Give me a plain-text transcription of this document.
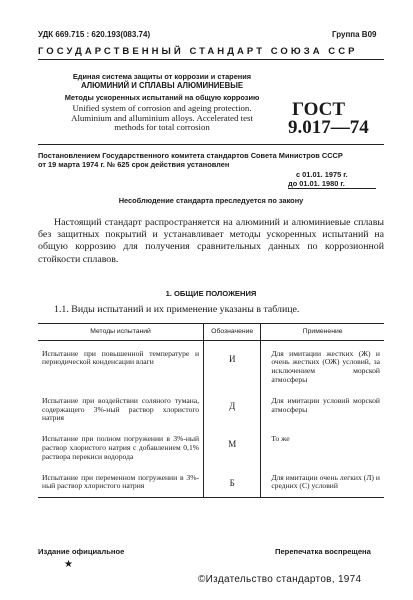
УДК 669.715 : 620.193(083.74)	Группа В09
ГОСУДАРСТВЕННЫЙ СТАНДАРТ СОЮЗА ССР
Единая система защиты от коррозии и старения
АЛЮМИНИЙ И СПЛАВЫ АЛЮМИНИЕВЫЕ
Методы ускоренных испытаний на общую коррозию
Unified system of corrosion and ageing protection.
Aluminium and alluminium alloys. Accelerated test
methods for total corrosion
ГОСТ
9.017—74
Постановлением Государственного комитета стандартов Совета Министров СССР
от 19 марта 1974 г. № 625 срок действия установлен
с 01.01. 1975 г.
до 01.01. 1980 г.
Несоблюдение стандарта преследуется по закону
Настоящий стандарт распространяется на алюминий и алюминиевые сплавы без защитных покрытий и устанавливает методы ускоренных испытаний на общую коррозию для получения сравнительных данных по коррозионной стойкости сплавов.
1. ОБЩИЕ ПОЛОЖЕНИЯ
1.1. Виды испытаний и их применение указаны в таблице.
Методы испытаний	Обозначение	Применение
Испытание при повышенной температуре и периодической конденсации влаги	И	Для имитации жестких (Ж) и очень жестких (ОЖ) условий, за исключением морской атмосферы
Испытание при воздействии соляного тумана, содержащего 3%-ный раствор хлористого натрия	Д	Для имитации условий морской атмосферы
Испытание при полном погружении в 3%-ный раствор хлористого натрия с добавлением 0,1% раствора перекиси водорода	М	То же
Испытание при переменном погружении в 3%-ный раствор хлористого натрия	Б	Для имитации очень легких (Л) и средних (С) условий
Издание официальное	Перепечатка воспрещена
★
©Издательство стандартов, 1974
